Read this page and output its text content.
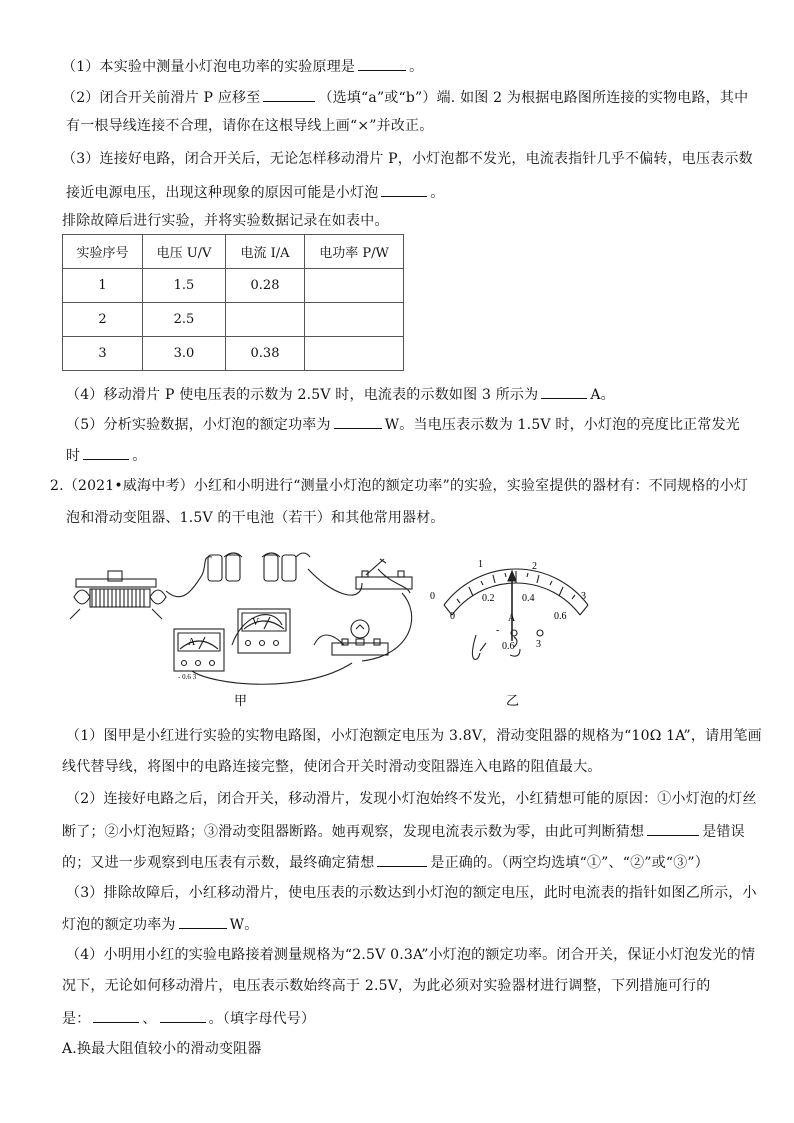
（1）本实验中测量小灯泡电功率的实验原理是	。
（2）闭合开关前滑片 P 应移至	（选填“a”或“b”）端. 如图 2 为根据电路图所连接的实物电路，其中
有一根导线连接不合理，请你在这根导线上画“×”并改正。
（3）连接好电路，闭合开关后，无论怎样移动滑片 P，小灯泡都不发光，电流表指针几乎不偏转，电压表示数
接近电源电压，出现这种现象的原因可能是小灯泡	。
排除故障后进行实验，并将实验数据记录在如表中。
实验序号	电压 U/V	电流 I/A	电功率 P/W
1	1.5	0.28	
2	2.5		
3	3.0	0.38	
（4）移动滑片 P 使电压表的示数为 2.5V 时，电流表的示数如图 3 所示为	A。
（5）分析实验数据，小灯泡的额定功率为	W。当电压表示数为 1.5V 时，小灯泡的亮度比正常发光
时	。
2.（2021•威海中考）小红和小明进行“测量小灯泡的额定功率”的实验，实验室提供的器材有：不同规格的小灯
泡和滑动变阻器、1.5V 的干电池（若干）和其他常用器材。
V
A
- 0.6 3
0
1	2
3
0
0.2	0.4
0.6
A
-
0.6 3
甲	乙
（1）图甲是小红进行实验的实物电路图，小灯泡额定电压为 3.8V，滑动变阻器的规格为“10Ω 1A”，请用笔画
线代替导线，将图中的电路连接完整，使闭合开关时滑动变阻器连入电路的阻值最大。
（2）连接好电路之后，闭合开关，移动滑片，发现小灯泡始终不发光，小红猜想可能的原因：①小灯泡的灯丝
断了；②小灯泡短路；③滑动变阻器断路。她再观察，发现电流表示数为零，由此可判断猜想	是错误
的；又进一步观察到电压表有示数，最终确定猜想	是正确的。（两空均选填“①”、“②”或“③”）
（3）排除故障后，小红移动滑片，使电压表的示数达到小灯泡的额定电压，此时电流表的指针如图乙所示，小
灯泡的额定功率为	W。
（4）小明用小红的实验电路接着测量规格为“2.5V 0.3A”小灯泡的额定功率。闭合开关，保证小灯泡发光的情
况下，无论如何移动滑片，电压表示数始终高于 2.5V，为此必须对实验器材进行调整，下列措施可行的
是：	、	。（填字母代号）
A.换最大阻值较小的滑动变阻器
